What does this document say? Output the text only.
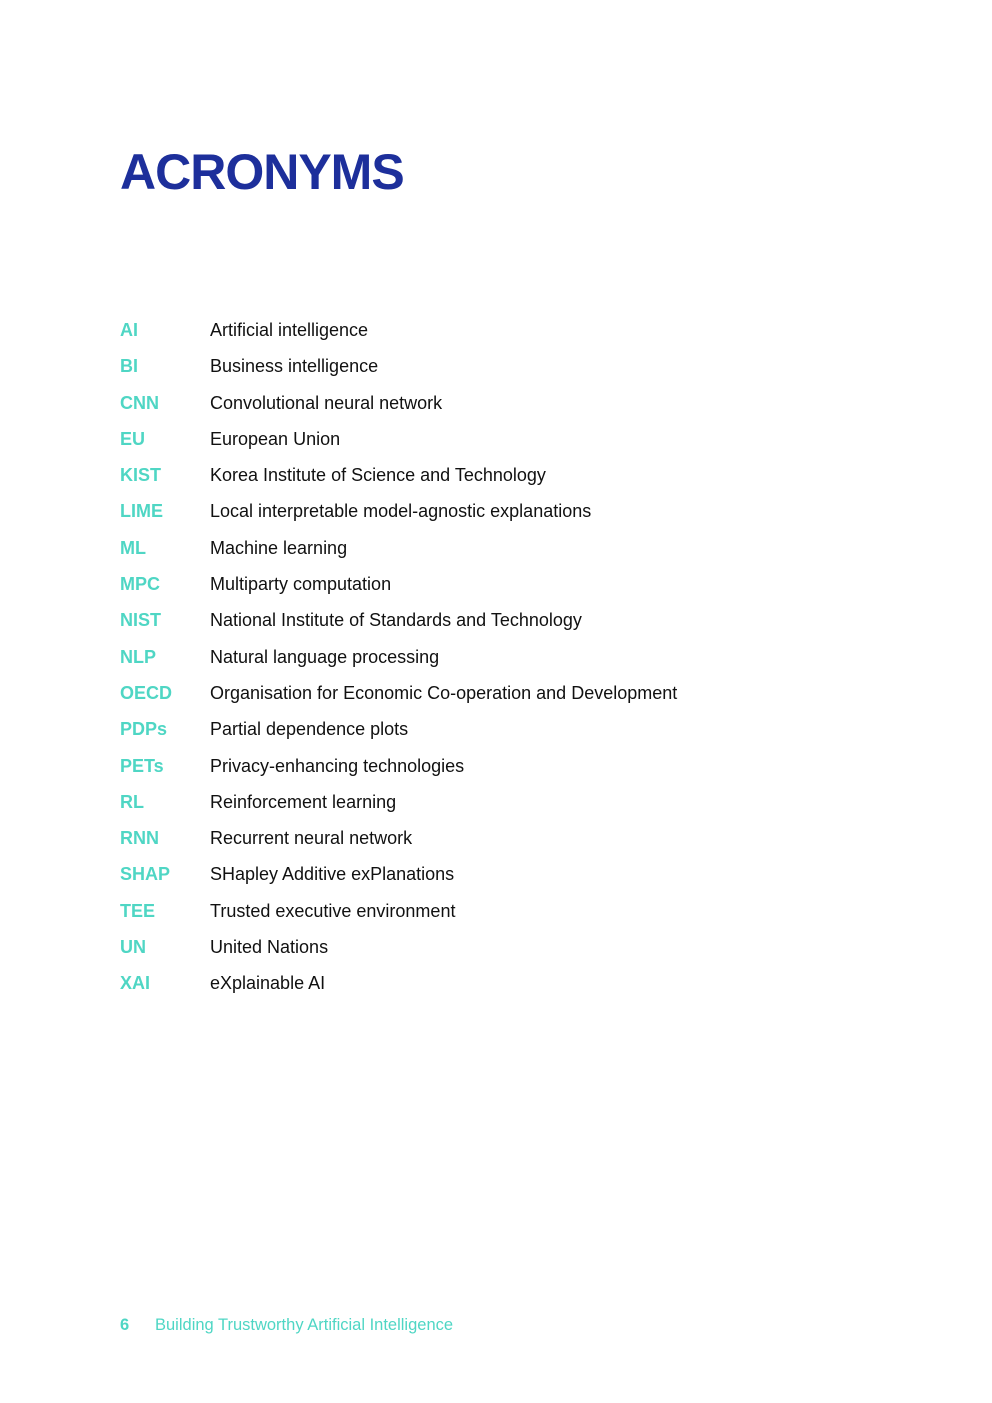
ACRONYMS
AI	Artificial intelligence
BI	Business intelligence
CNN	Convolutional neural network
EU	European Union
KIST	Korea Institute of Science and Technology
LIME	Local interpretable model-agnostic explanations
ML	Machine learning
MPC	Multiparty computation
NIST	National Institute of Standards and Technology
NLP	Natural language processing
OECD	Organisation for Economic Co-operation and Development
PDPs	Partial dependence plots
PETs	Privacy-enhancing technologies
RL	Reinforcement learning
RNN	Recurrent neural network
SHAP	SHapley Additive exPlanations
TEE	Trusted executive environment
UN	United Nations
XAI	eXplainable AI
6	Building Trustworthy Artificial Intelligence
